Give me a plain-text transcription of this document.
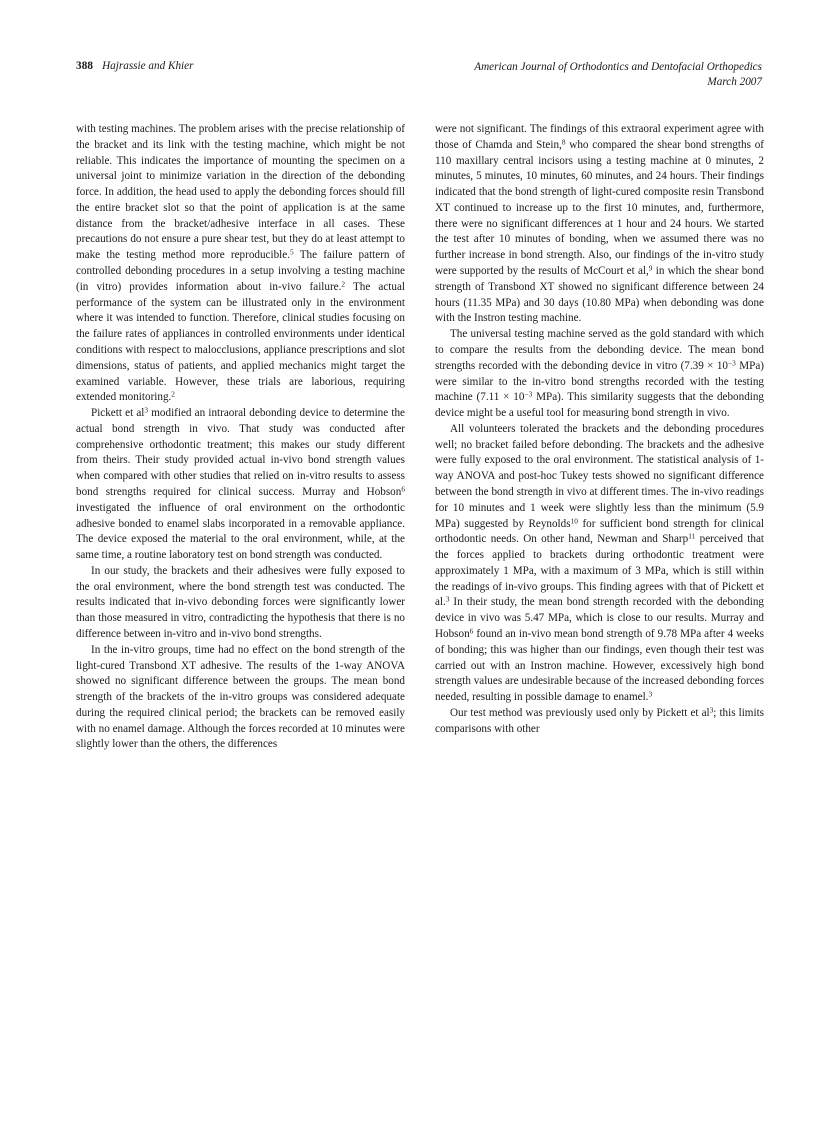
388 Hajrassie and Khier	American Journal of Orthodontics and Dentofacial Orthopedics
March 2007

with testing machines. The problem arises with the precise relationship of the bracket and its link with the testing machine, which might be not reliable. This indicates the importance of mounting the specimen on a universal joint to minimize variation in the direction of the debonding force. In addition, the head used to apply the debonding forces should fill the entire bracket slot so that the point of application is at the same distance from the bracket/adhesive interface in all cases. These precautions do not ensure a pure shear test, but they do at least attempt to make the testing method more reproducible.$^5$ The failure pattern of controlled debonding procedures in a setup involving a testing machine (in vitro) provides information about in-vivo failure.$^2$ The actual performance of the system can be illustrated only in the environment where it was intended to function. Therefore, clinical studies focusing on the failure rates of appliances in controlled environments under identical conditions with respect to malocclusions, appliance prescriptions and slot dimensions, status of patients, and applied mechanics might target the examined variable. However, these trials are laborious, requiring extended monitoring.$^2$

Pickett et $al^3$ modified an intraoral debonding device to determine the actual bond strength in vivo. That study was conducted after comprehensive orthodontic treatment; this makes our study different from theirs. Their study provided actual in-vivo bond strength values when compared with other studies that relied on in-vitro results to assess bond strengths required for clinical success. Murray and Hobson$^6$ investigated the influence of oral environment on the orthodontic adhesive bonded to enamel slabs incorporated in a removable appliance. The device exposed the material to the oral environment, while, at the same time, a routine laboratory test on bond strength was conducted.

In our study, the brackets and their adhesives were fully exposed to the oral environment, where the bond strength test was conducted. The results indicated that in-vivo debonding forces were significantly lower than those measured in vitro, contradicting the hypothesis that there is no difference between in-vitro and in-vivo bond strengths.

In the in-vitro groups, time had no effect on the bond strength of the light-cured Transbond XT adhesive. The results of the 1-way ANOVA showed no significant difference between the groups. The mean bond strength of the brackets of the in-vitro groups was considered adequate during the required clinical period; the brackets can be removed easily with no enamel damage. Although the forces recorded at 10 minutes were slightly lower than the others, the differences

were not significant. The findings of this extraoral experiment agree with those of Chamda and Stein,$^8$ who compared the shear bond strengths of 110 maxillary central incisors using a testing machine at 0 minutes, 2 minutes, 5 minutes, 10 minutes, 60 minutes, and 24 hours. Their findings indicated that the bond strength of light-cured composite resin Transbond XT continued to increase up to the first 10 minutes, and, furthermore, there were no significant differences at 1 hour and 24 hours. We started the test after 10 minutes of bonding, when we assumed there was no further increase in bond strength. Also, our findings of the in-vitro study were supported by the results of McCourt et al,$^9$ in which the shear bond strength of Transbond XT showed no significant difference between 24 hours (11.35 MPa) and 30 days (10.80 MPa) when debonding was done with the Instron testing machine.

The universal testing machine served as the gold standard with which to compare the results from the debonding device. The mean bond strengths recorded with the debonding device in vitro ($7.39 \times 10^{-3}$ MPa) were similar to the in-vitro bond strengths recorded with the testing machine ($7.11 \times 10^{-3}$ MPa). This similarity suggests that the debonding device might be a useful tool for measuring bond strength in vivo.

All volunteers tolerated the brackets and the debonding procedures well; no bracket failed before debonding. The brackets and the adhesive were fully exposed to the oral environment. The statistical analysis of 1-way ANOVA and post-hoc Tukey tests showed no significant difference between the bond strength in vivo at different times. The in-vivo readings for 10 minutes and 1 week were slightly less than the minimum (5.9 MPa) suggested by Reynolds$^{10}$ for sufficient bond strength for clinical orthodontic needs. On other hand, Newman and Sharp$^{11}$ perceived that the forces applied to brackets during orthodontic treatment were approximately 1 MPa, with a maximum of 3 MPa, which is still within the readings of in-vivo groups. This finding agrees with that of Pickett et al.$^3$ In their study, the mean bond strength recorded with the debonding device in vivo was 5.47 MPa, which is close to our results. Murray and Hobson$^6$ found an in-vivo mean bond strength of 9.78 MPa after 4 weeks of bonding; this was higher than our findings, even though their test was carried out with an Instron machine. However, excessively high bond strength values are undesirable because of the increased debonding forces needed, resulting in possible damage to enamel.$^3$

Our test method was previously used only by Pickett et $al^3$; this limits comparisons with other
